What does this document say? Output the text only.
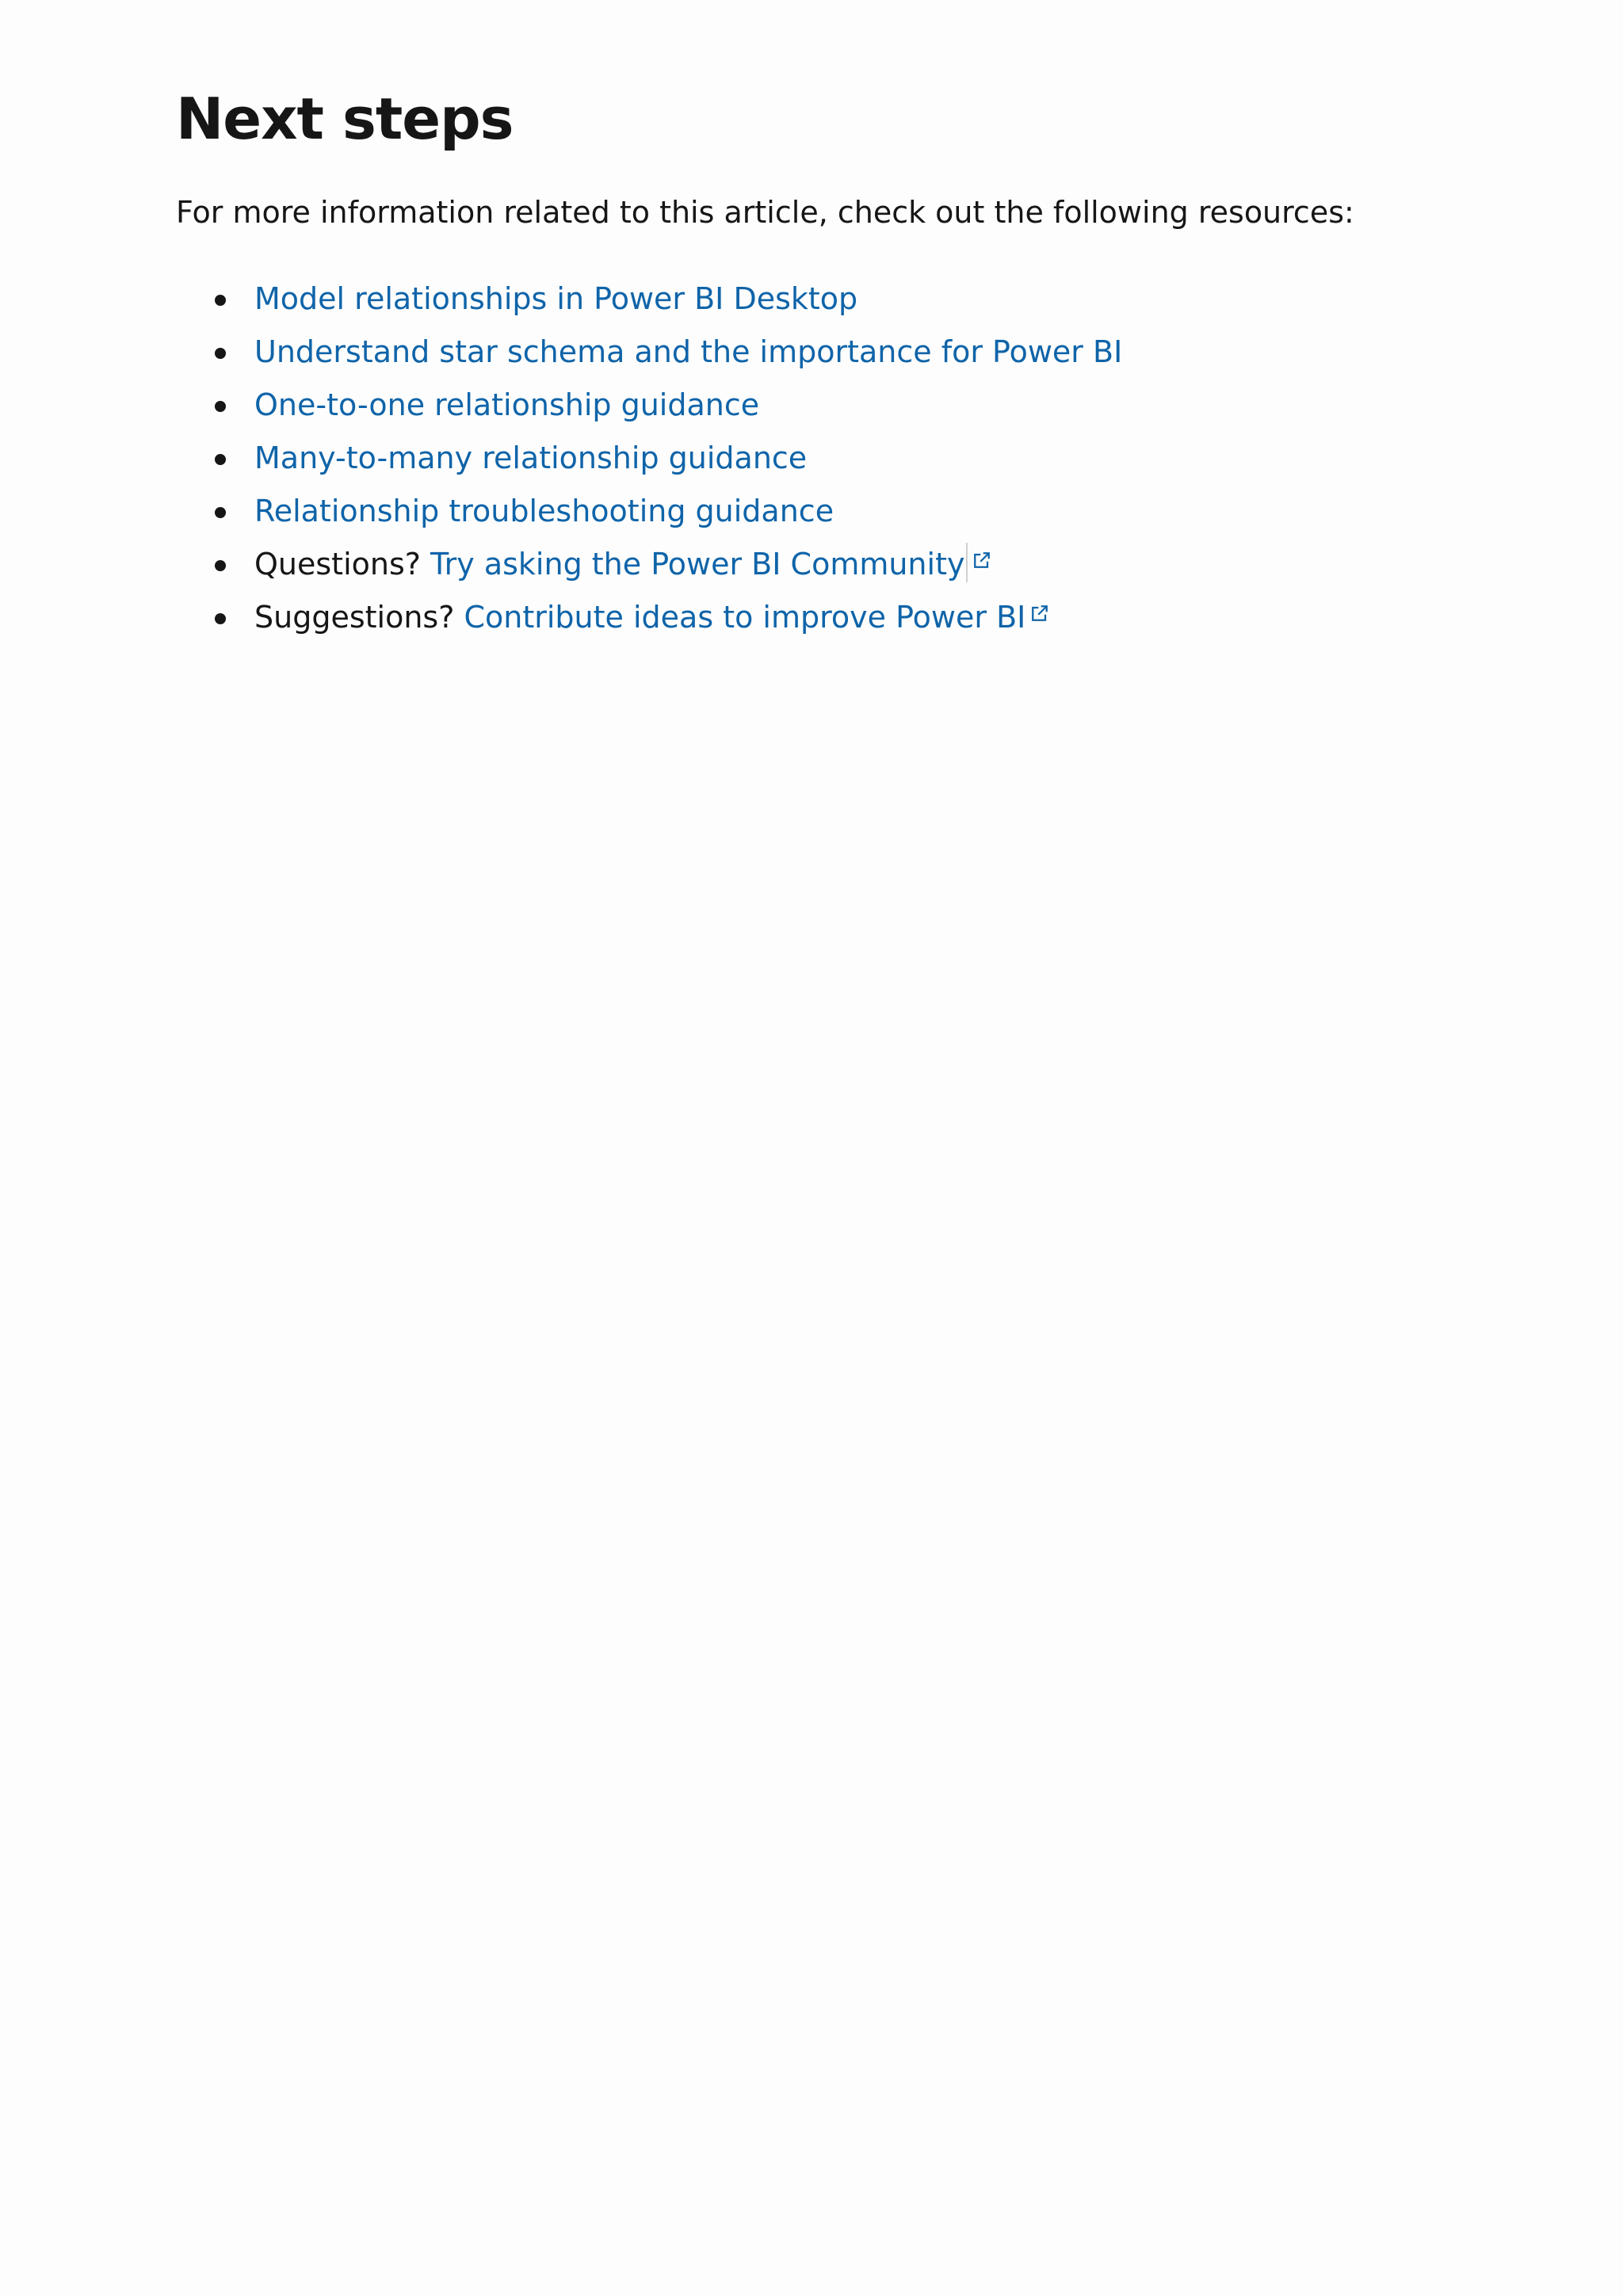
Next steps

For more information related to this article, check out the following resources:

Model relationships in Power BI Desktop
Understand star schema and the importance for Power BI
One-to-one relationship guidance
Many-to-many relationship guidance
Relationship troubleshooting guidance
Questions? Try asking the Power BI Community
Suggestions? Contribute ideas to improve Power BI
